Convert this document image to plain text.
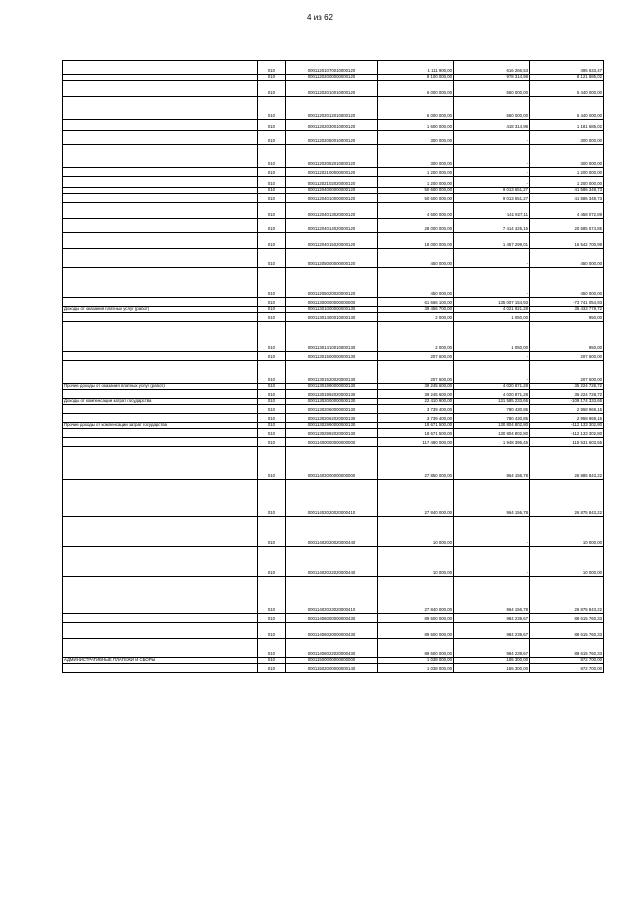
4 из 62
	010	00011201070010000120	1 111 900,00	616 266,53	495 633,47
	010	00011202000000000120	9 100 000,00	978 314,98	8 121 685,02
	010	00011202010010000120	6 000 000,00	560 000,00	5 440 000,00
	010	00011202012010000120	6 000 000,00	560 000,00	5 440 000,00
	010	00011202030010000120	1 600 000,00	418 314,98	1 181 685,02
	010	00011202050010000120	300 000,00	-	300 000,00
	010	00011202052010000120	300 000,00	-	300 000,00
	010	00011202100000000120	1 200 000,00	-	1 200 000,00
	010	00011202102020000120	1 200 000,00	-	1 200 000,00
	010	00011204000000000120	50 600 000,00	9 013 651,27	41 586 348,73
	010	00011204010000000120	50 600 000,00	9 013 651,27	41 586 348,73
	010	00011204013020000120	4 600 000,00	141 927,11	4 458 072,89
	010	00011204014020000120	28 000 000,00	7 414 425,15	20 585 574,85
	010	00011204015020000120	18 000 000,00	1 457 299,01	16 542 700,99
	010	00011205000000000120	450 000,00	-	450 000,00
	010	00011205020020000120	450 000,00	-	450 000,00
	010	00011300000000000000	61 666 100,00	135 007 154,93	-73 741 054,93
Доходы от оказания платных услуг (работ)	010	00011301000000000130	39 456 700,00	4 021 921,28	35 433 778,72
	010	00011301400010000130	2 000,00	1 050,00	950,00
	010	00011301410010000130	2 000,00	1 050,00	950,00
	010	00011301500000000130	207 600,00	-	207 600,00
	010	00011301520020000130	207 600,00	-	207 600,00
Прочие доходы от оказания платных услуг (работ)	010	00011301990000000130	39 245 600,00	4 020 871,28	35 224 728,72
	010	00011301992020000130	39 245 600,00	4 020 871,28	35 224 728,72
Доходы от компенсации затрат государства	010	00011302000000000130	22 410 900,00	131 585 233,65	-109 174 333,65
	010	00011302060000000130	3 739 400,00	780 430,85	2 958 969,15
	010	00011302062020000130	3 739 400,00	780 430,85	2 958 969,15
Прочие доходы от компенсации затрат государства	010	00011302990000000130	18 671 500,00	130 804 802,80	-112 133 302,80
	010	00011302992020000130	18 671 500,00	130 804 802,80	-112 133 302,80
	010	00011400000000000000	117 480 000,00	1 948 396,45	115 531 603,55
	010	00011402000000000000	27 850 000,00	964 156,78	26 885 843,22
	010	00011402020020000410	27 840 000,00	964 156,78	26 875 843,22
	010	00011402020020000440	10 000,00	-	10 000,00
	010	00011402022020000440	10 000,00	-	10 000,00
	010	00011402023020000410	27 840 000,00	964 156,78	26 875 843,22
	010	00011406000000000430	89 600 000,00	984 239,67	88 615 760,33
	010	00011406020000000430	89 600 000,00	984 239,67	88 615 760,33
	010	00011406022020000430	89 600 000,00	984 239,67	88 615 760,33
АДМИНИСТРАТИВНЫЕ ПЛАТЕЖИ И СБОРЫ	010	00011500000000000000	1 038 000,00	165 300,00	872 700,00
	010	00011502000000000140	1 038 000,00	165 300,00	872 700,00
